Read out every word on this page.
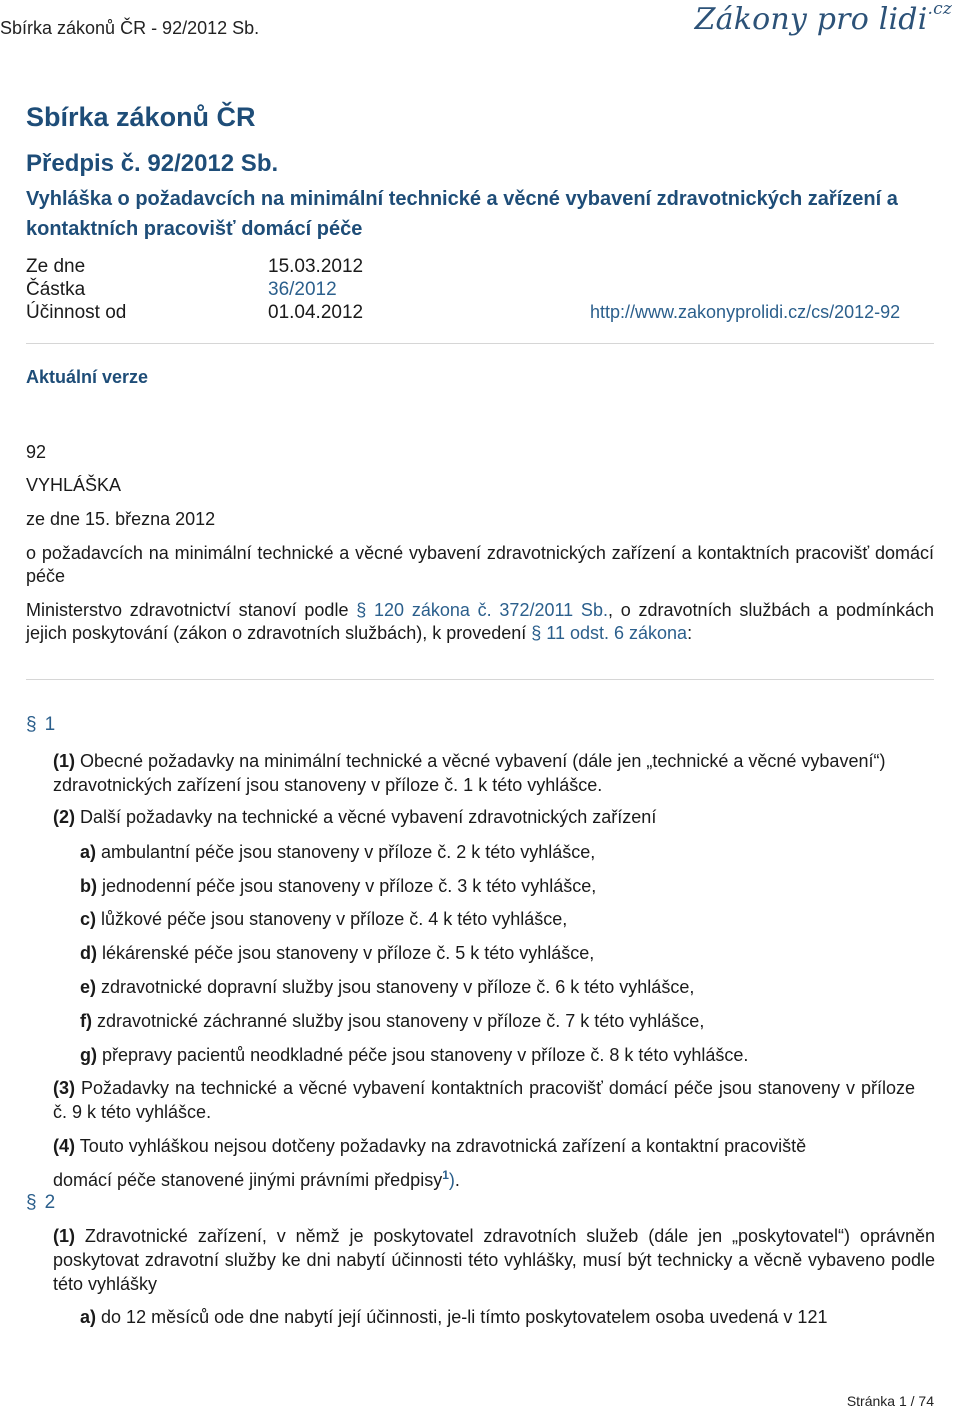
Sbírka zákonů ČR - 92/2012 Sb.	Zákony pro lidi$^{.cz}$
Sbírka zákonů ČR
Předpis č. 92/2012 Sb.
Vyhláška o požadavcích na minimální technické a věcné vybavení zdravotnických zařízení a kontaktních pracovišť domácí péče
Ze dne	15.03.2012
Částka	36/2012
Účinnost od	01.04.2012	http://www.zakonyprolidi.cz/cs/2012-92
Aktuální verze
92
VYHLÁŠKA
ze dne 15. března 2012
o požadavcích na minimální technické a věcné vybavení zdravotnických zařízení a kontaktních pracovišť domácí péče
Ministerstvo zdravotnictví stanoví podle § 120 zákona č. 372/2011 Sb., o zdravotních službách a podmínkách jejich poskytování (zákon o zdravotních službách), k provedení § 11 odst. 6 zákona:
§ 1
(1) Obecné požadavky na minimální technické a věcné vybavení (dále jen „technické a věcné vybavení“) zdravotnických zařízení jsou stanoveny v příloze č. 1 k této vyhlášce.
(2) Další požadavky na technické a věcné vybavení zdravotnických zařízení
a) ambulantní péče jsou stanoveny v příloze č. 2 k této vyhlášce,
b) jednodenní péče jsou stanoveny v příloze č. 3 k této vyhlášce,
c) lůžkové péče jsou stanoveny v příloze č. 4 k této vyhlášce,
d) lékárenské péče jsou stanoveny v příloze č. 5 k této vyhlášce,
e) zdravotnické dopravní služby jsou stanoveny v příloze č. 6 k této vyhlášce,
f) zdravotnické záchranné služby jsou stanoveny v příloze č. 7 k této vyhlášce,
g) přepravy pacientů neodkladné péče jsou stanoveny v příloze č. 8 k této vyhlášce.
(3) Požadavky na technické a věcné vybavení kontaktních pracovišť domácí péče jsou stanoveny v příloze č. 9 k této vyhlášce.
(4) Touto vyhláškou nejsou dotčeny požadavky na zdravotnická zařízení a kontaktní pracoviště
domácí péče stanovené jinými právními předpisy$^1$).
§ 2
(1) Zdravotnické zařízení, v němž je poskytovatel zdravotních služeb (dále jen „poskytovatel“) oprávněn poskytovat zdravotní služby ke dni nabytí účinnosti této vyhlášky, musí být technicky a věcně vybaveno podle této vyhlášky
a) do 12 měsíců ode dne nabytí její účinnosti, je-li tímto poskytovatelem osoba uvedená v 121
Stránka 1 / 74
